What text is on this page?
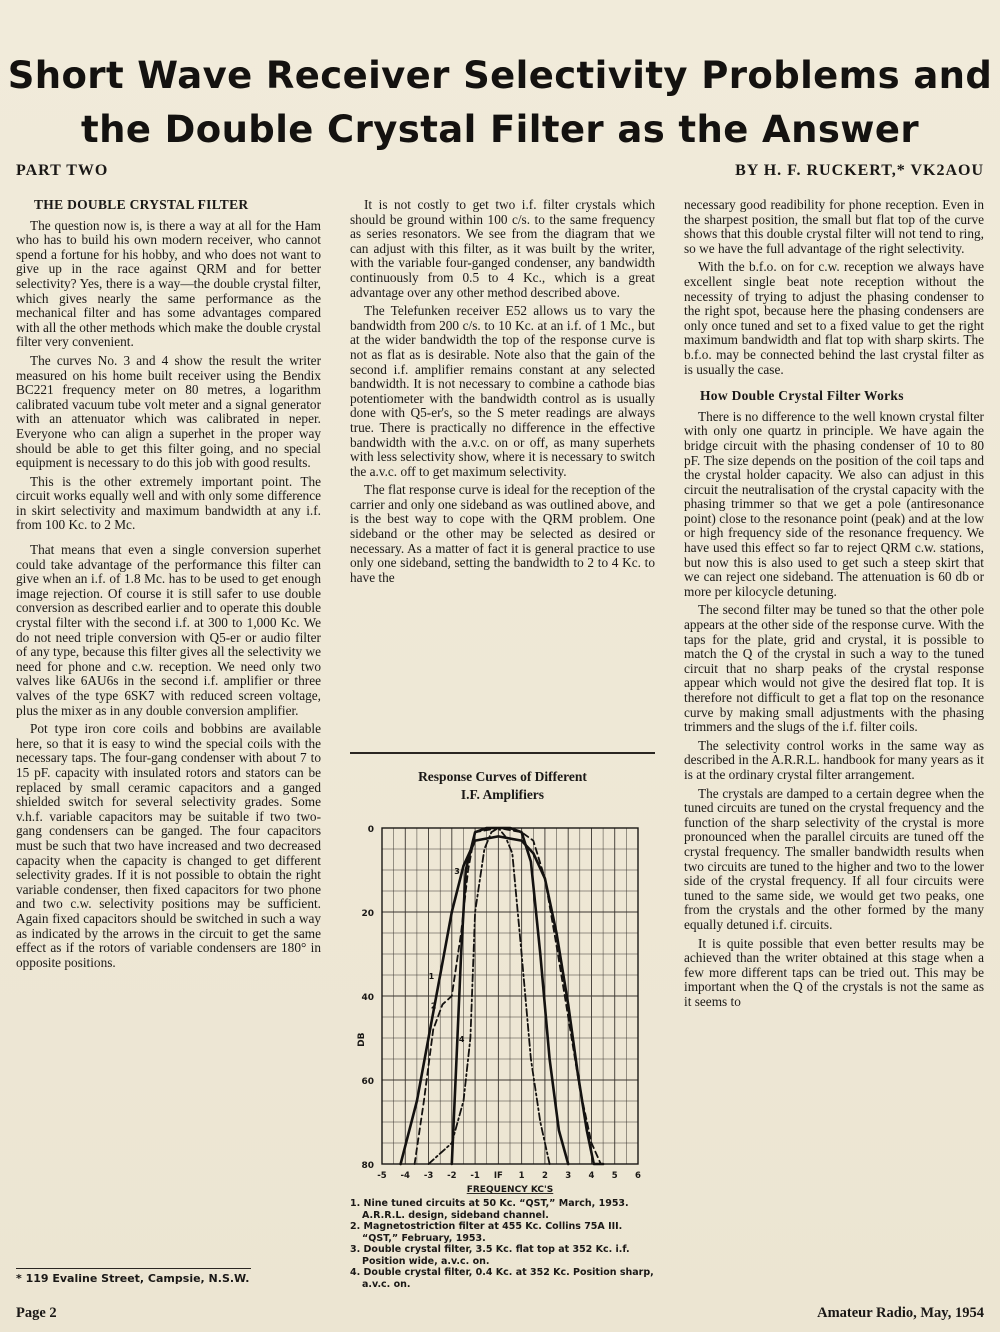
Short Wave Receiver Selectivity Problems and
the Double Crystal Filter as the Answer
PART TWO	BY H. F. RUCKERT,* VK2AOU
THE DOUBLE CRYSTAL FILTER

The question now is, is there a way at all for the Ham who has to build his own modern receiver, who cannot spend a fortune for his hobby, and who does not want to give up in the race against QRM and for better selectivity? Yes, there is a way—the double crystal filter, which gives nearly the same performance as the mechanical filter and has some advantages compared with all the other methods which make the double crystal filter very convenient.

The curves No. 3 and 4 show the result the writer measured on his home built receiver using the Bendix BC221 frequency meter on 80 metres, a logarithm calibrated vacuum tube volt meter and a signal generator with an attenuator which was calibrated in neper. Everyone who can align a superhet in the proper way should be able to get this filter going, and no special equipment is necessary to do this job with good results.

This is the other extremely important point. The circuit works equally well and with only some difference in skirt selectivity and maximum bandwidth at any i.f. from 100 Kc. to 2 Mc.

That means that even a single conversion superhet could take advantage of the performance this filter can give when an i.f. of 1.8 Mc. has to be used to get enough image rejection. Of course it is still safer to use double conversion as described earlier and to operate this double crystal filter with the second i.f. at 300 to 1,000 Kc. We do not need triple conversion with Q5-er or audio filter of any type, because this filter gives all the selectivity we need for phone and c.w. reception. We need only two valves like 6AU6s in the second i.f. amplifier or three valves of the type 6SK7 with reduced screen voltage, plus the mixer as in any double conversion amplifier.

Pot type iron core coils and bobbins are available here, so that it is easy to wind the special coils with the necessary taps. The four-gang condenser with about 7 to 15 pF. capacity with insulated rotors and stators can be replaced by small ceramic capacitors and a ganged shielded switch for several selectivity grades. Some v.h.f. variable capacitors may be suitable if two two-gang condensers can be ganged. The four capacitors must be such that two have increased and two decreased capacity when the capacity is changed to get different selectivity grades. If it is not possible to obtain the right variable condenser, then fixed capacitors for two phone and two c.w. selectivity positions may be sufficient. Again fixed capacitors should be switched in such a way as indicated by the arrows in the circuit to get the same effect as if the rotors of variable condensers are 180° in opposite positions.

* 119 Evaline Street, Campsie, N.S.W.

It is not costly to get two i.f. filter crystals which should be ground within 100 c/s. to the same frequency as series resonators. We see from the diagram that we can adjust with this filter, as it was built by the writer, with the variable four-ganged condenser, any bandwidth continuously from 0.5 to 4 Kc., which is a great advantage over any other method described above.

The Telefunken receiver E52 allows us to vary the bandwidth from 200 c/s. to 10 Kc. at an i.f. of 1 Mc., but at the wider bandwidth the top of the response curve is not as flat as is desirable. Note also that the gain of the second i.f. amplifier remains constant at any selected bandwidth. It is not necessary to combine a cathode bias potentiometer with the bandwidth control as is usually done with Q5-er's, so the S meter readings are always true. There is practically no difference in the effective bandwidth with the a.v.c. on or off, as many superhets with less selectivity show, where it is necessary to switch the a.v.c. off to get maximum selectivity.

The flat response curve is ideal for the reception of the carrier and only one sideband as was outlined above, and is the best way to cope with the QRM problem. One sideband or the other may be selected as desired or necessary. As a matter of fact it is general practice to use only one sideband, setting the bandwidth to 2 to 4 Kc. to have the

Response Curves of Different
I.F. Amplifiers
0
20
40
60
80
DB
-5 -4 -3 -2 -1 IF 1 2 3 4 5 6
FREQUENCY KC'S
1
2
3
4
1. Nine tuned circuits at 50 Kc. “QST,” March, 1953. A.R.R.L. design, sideband channel.
2. Magnetostriction filter at 455 Kc. Collins 75A III. “QST,” February, 1953.
3. Double crystal filter, 3.5 Kc. flat top at 352 Kc. i.f. Position wide, a.v.c. on.
4. Double crystal filter, 0.4 Kc. at 352 Kc. Position sharp, a.v.c. on.

necessary good readibility for phone reception. Even in the sharpest position, the small but flat top of the curve shows that this double crystal filter will not tend to ring, so we have the full advantage of the right selectivity.

With the b.f.o. on for c.w. reception we always have excellent single beat note reception without the necessity of trying to adjust the phasing condenser to the right spot, because here the phasing condensers are only once tuned and set to a fixed value to get the right maximum bandwidth and flat top with sharp skirts. The b.f.o. may be connected behind the last crystal filter as is usually the case.

How Double Crystal Filter Works

There is no difference to the well known crystal filter with only one quartz in principle. We have again the bridge circuit with the phasing condenser of 10 to 80 pF. The size depends on the position of the coil taps and the crystal holder capacity. We also can adjust in this circuit the neutralisation of the crystal capacity with the phasing trimmer so that we get a pole (antiresonance point) close to the resonance point (peak) and at the low or high frequency side of the resonance frequency. We have used this effect so far to reject QRM c.w. stations, but now this is also used to get such a steep skirt that we can reject one sideband. The attenuation is 60 db or more per kilocycle detuning.

The second filter may be tuned so that the other pole appears at the other side of the response curve. With the taps for the plate, grid and crystal, it is possible to match the Q of the crystal in such a way to the tuned circuit that no sharp peaks of the crystal response appear which would not give the desired flat top. It is therefore not difficult to get a flat top on the resonance curve by making small adjustments with the phasing trimmers and the slugs of the i.f. filter coils.

The selectivity control works in the same way as described in the A.R.R.L. handbook for many years as it is at the ordinary crystal filter arrangement.

The crystals are damped to a certain degree when the tuned circuits are tuned on the crystal frequency and the function of the sharp selectivity of the crystal is more pronounced when the parallel circuits are tuned off the crystal frequency. The smaller bandwidth results when two circuits are tuned to the higher and two to the lower side of the crystal frequency. If all four circuits were tuned to the same side, we would get two peaks, one from the crystals and the other formed by the many equally detuned i.f. circuits.

It is quite possible that even better results may be achieved than the writer obtained at this stage when a few more different taps can be tried out. This may be important when the Q of the crystals is not the same as it seems to

Page 2	Amateur Radio, May, 1954
